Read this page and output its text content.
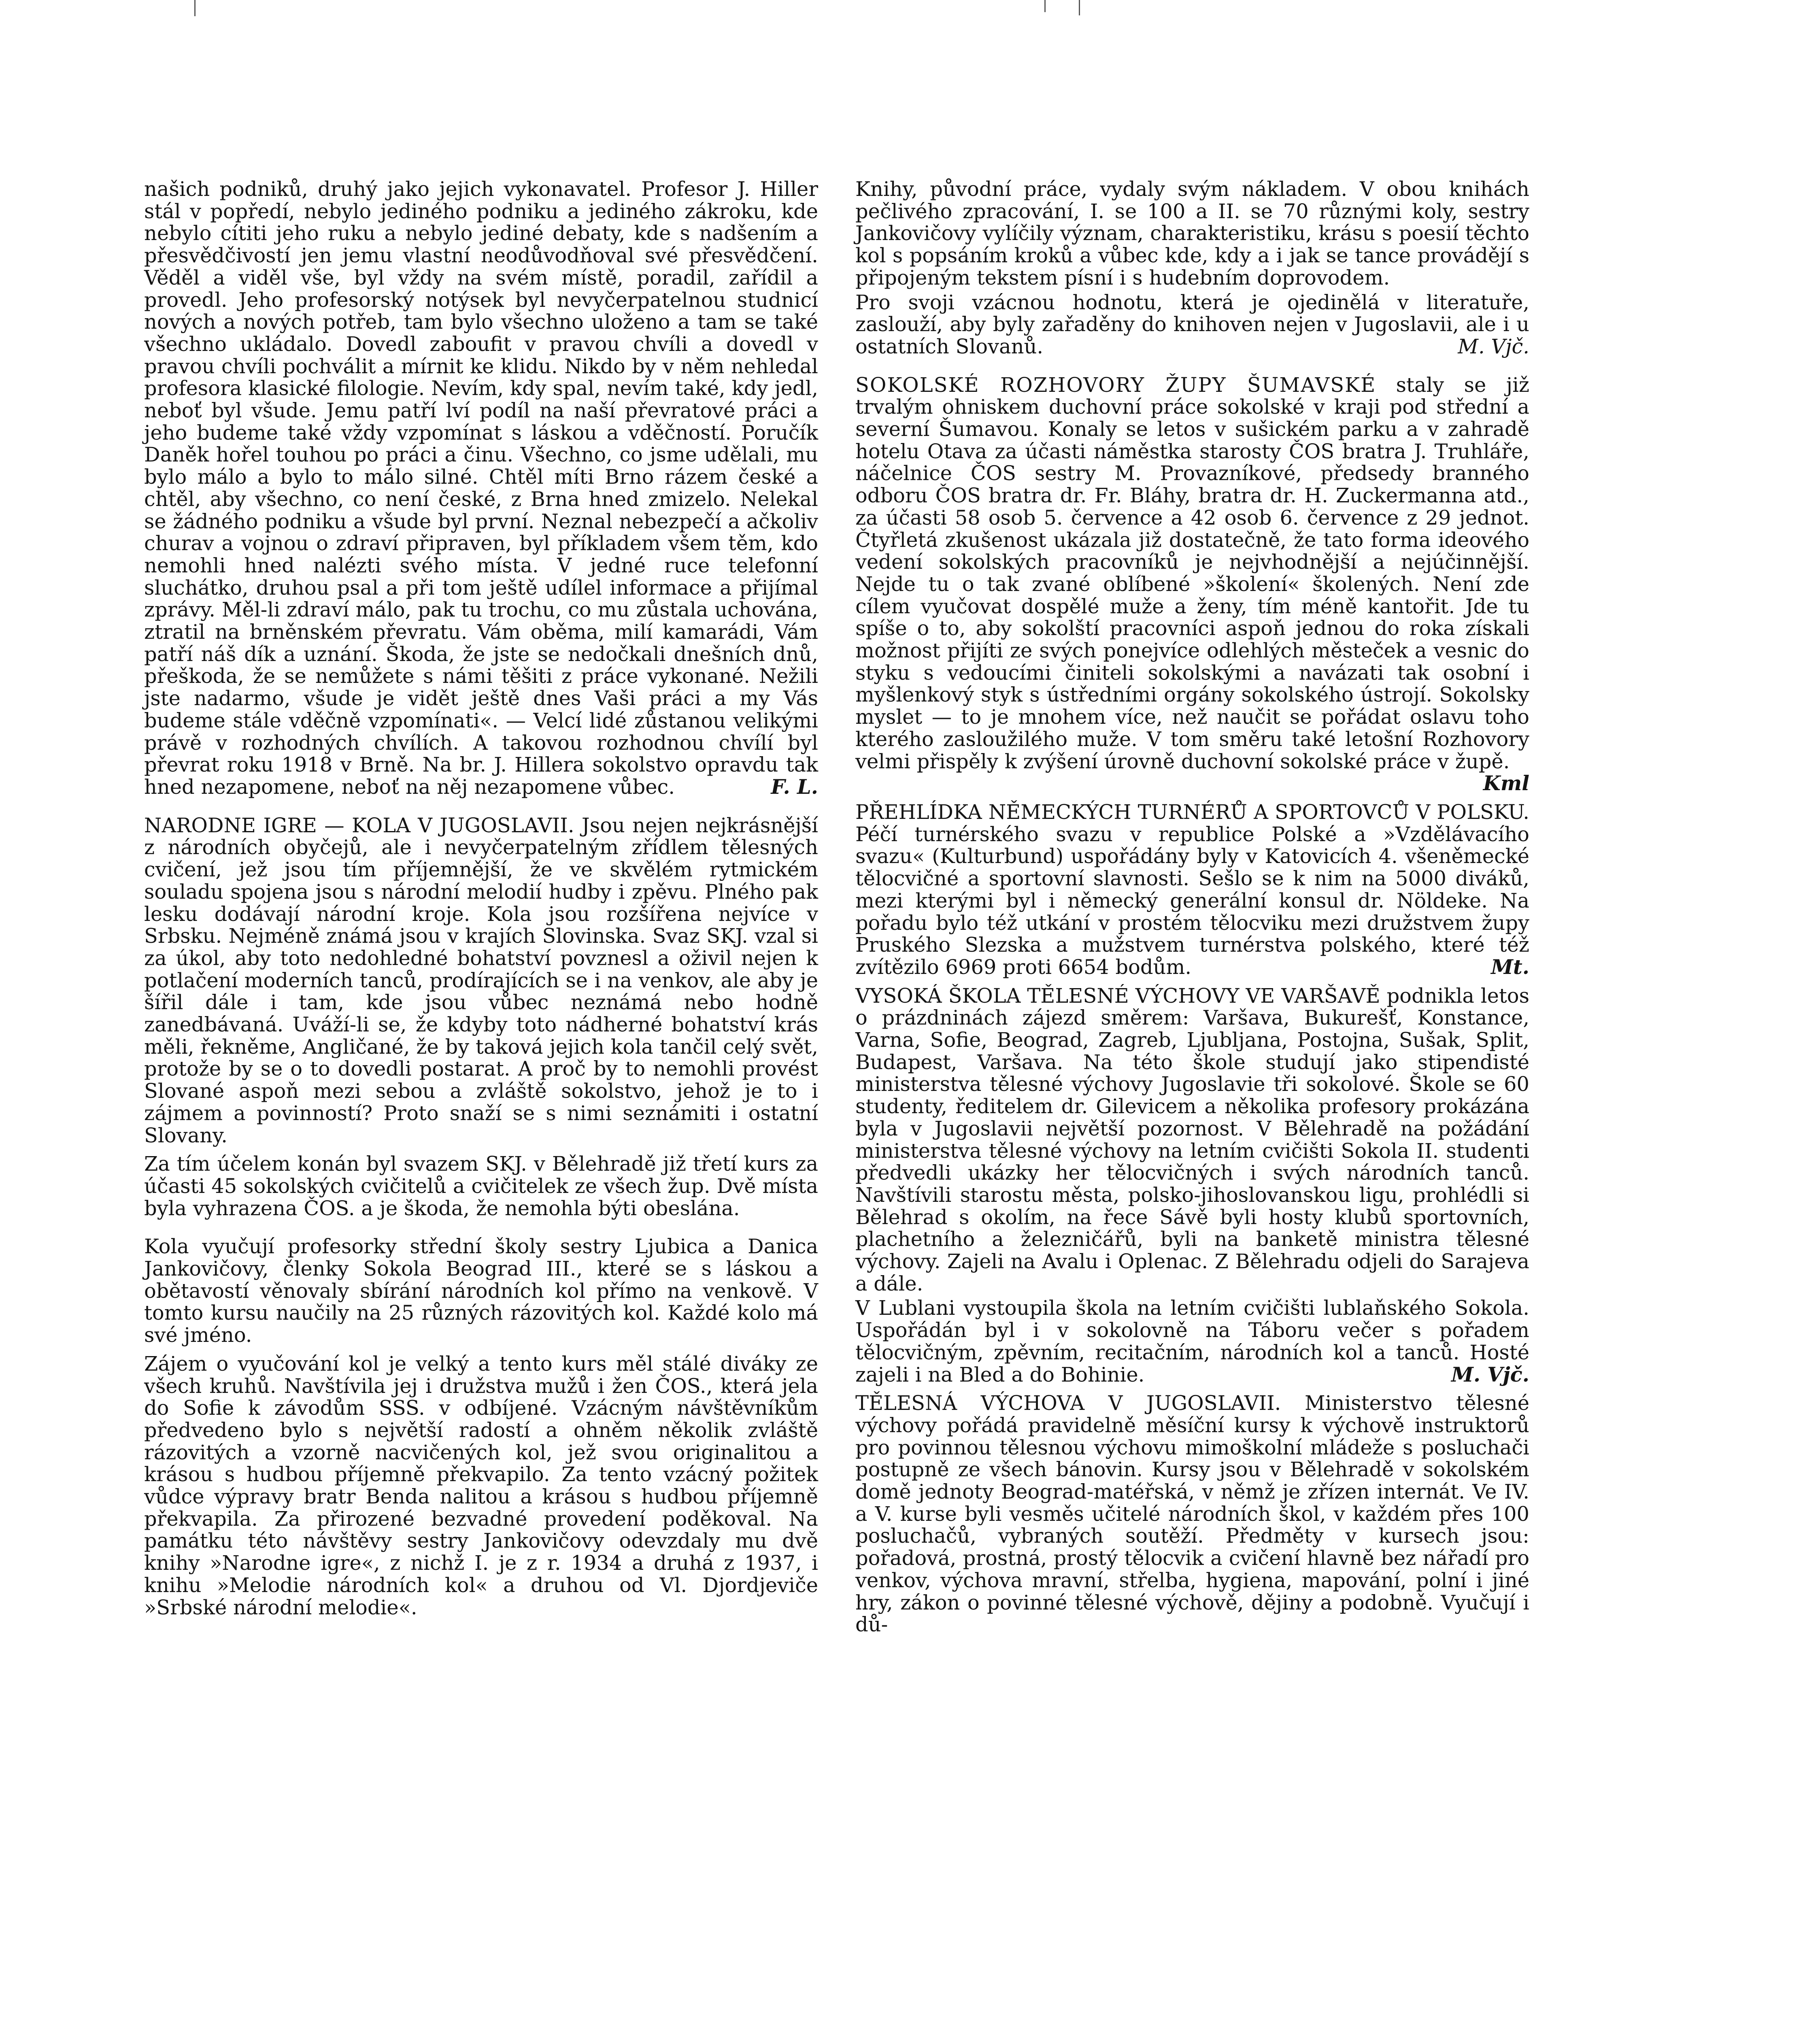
našich podniků, druhý jako jejich vykonavatel. Profesor J. Hiller stál v popředí, nebylo jediného podniku a jediného zákroku, kde nebylo cítiti jeho ruku a nebylo jediné debaty, kde s nadšením a přesvědčivostí jen jemu vlastní neodůvodňoval své přesvědčení. Věděl a viděl vše, byl vždy na svém místě, poradil, zařídil a provedl. Jeho profesorský notýsek byl nevyčerpatelnou studnicí nových a nových potřeb, tam bylo všechno uloženo a tam se také všechno ukládalo. Dovedl zaboufit v pravou chvíli a dovedl v pravou chvíli pochválit a mírnit ke klidu. Nikdo by v něm nehledal profesora klasické filologie. Nevím, kdy spal, nevím také, kdy jedl, neboť byl všude. Jemu patří lví podíl na naší převratové práci a jeho budeme také vždy vzpomínat s láskou a vděčností. Poručík Daněk hořel touhou po práci a činu. Všechno, co jsme udělali, mu bylo málo a bylo to málo silné. Chtěl míti Brno rázem české a chtěl, aby všechno, co není české, z Brna hned zmizelo. Nelekal se žádného podniku a všude byl první. Neznal nebezpečí a ačkoliv churav a vojnou o zdraví připraven, byl příkladem všem těm, kdo nemohli hned nalézti svého místa. V jedné ruce telefonní sluchátko, druhou psal a při tom ještě udílel informace a přijímal zprávy. Měl-li zdraví málo, pak tu trochu, co mu zůstala uchována, ztratil na brněnském převratu. Vám oběma, milí kamarádi, Vám patří náš dík a uznání. Škoda, že jste se nedočkali dnešních dnů, přeškoda, že se nemůžete s námi těšiti z práce vykonané. Nežili jste nadarmo, všude je vidět ještě dnes Vaši práci a my Vás budeme stále vděčně vzpomínati«. — Velcí lidé zůstanou velikými právě v rozhodných chvílích. A takovou rozhodnou chvílí byl převrat roku 1918 v Brně. Na br. J. Hillera sokolstvo opravdu tak hned nezapomene, neboť na něj nezapomene vůbec.	F. L.

NARODNE IGRE — KOLA V JUGOSLAVII. Jsou nejen nejkrásnější z národních obyčejů, ale i nevyčerpatelným zřídlem tělesných cvičení, jež jsou tím příjemnější, že ve skvělém rytmickém souladu spojena jsou s národní melodií hudby i zpěvu. Plného pak lesku dodávají národní kroje. Kola jsou rozšířena nejvíce v Srbsku. Nejméně známá jsou v krajích Slovinska. Svaz SKJ. vzal si za úkol, aby toto nedohledné bohatství povznesl a oživil nejen k potlačení moderních tanců, prodírajících se i na venkov, ale aby je šířil dále i tam, kde jsou vůbec neznámá nebo hodně zanedbávaná. Uváží-li se, že kdyby toto nádherné bohatství krás měli, řekněme, Angličané, že by taková jejich kola tančil celý svět, protože by se o to dovedli postarat. A proč by to nemohli provést Slované aspoň mezi sebou a zvláště sokolstvo, jehož je to i zájmem a povinností? Proto snaží se s nimi seznámiti i ostatní Slovany.

Za tím účelem konán byl svazem SKJ. v Bělehradě již třetí kurs za účasti 45 sokolských cvičitelů a cvičitelek ze všech žup. Dvě místa byla vyhrazena ČOS. a je škoda, že nemohla býti obeslána.

Kola vyučují profesorky střední školy sestry Ljubica a Danica Jankovičovy, členky Sokola Beograd III., které se s láskou a obětavostí věnovaly sbírání národních kol přímo na venkově. V tomto kursu naučily na 25 různých rázovitých kol. Každé kolo má své jméno.

Zájem o vyučování kol je velký a tento kurs měl stálé diváky ze všech kruhů. Navštívila jej i družstva mužů i žen ČOS., která jela do Sofie k závodům SSS. v odbíjené. Vzácným návštěvníkům předvedeno bylo s největší radostí a ohněm několik zvláště rázovitých a vzorně nacvičených kol, jež svou originalitou a krásou s hudbou příjemně překvapilo. Za tento vzácný požitek vůdce výpravy bratr Benda nalitou a krásou s hudbou příjemně překvapila. Za přirozené bezvadné provedení poděkoval. Na památku této návštěvy sestry Jankovičovy odevzdaly mu dvě knihy »Narodne igre«, z nichž I. je z r. 1934 a druhá z 1937, i knihu »Melodie národních kol« a druhou od Vl. Djordjeviče »Srbské národní melodie«.

Knihy, původní práce, vydaly svým nákladem. V obou knihách pečlivého zpracování, I. se 100 a II. se 70 různými koly, sestry Jankovičovy vylíčily význam, charakteristiku, krásu s poesií těchto kol s popsáním kroků a vůbec kde, kdy a i jak se tance provádějí s připojeným tekstem písní i s hudebním doprovodem.

Pro svoji vzácnou hodnotu, která je ojedinělá v literatuře, zaslouží, aby byly zařaděny do knihoven nejen v Jugoslavii, ale i u ostatních Slovanů.	M. Vjč.

SOKOLSKÉ ROZHOVORY ŽUPY ŠUMAVSKÉ staly se již trvalým ohniskem duchovní práce sokolské v kraji pod střední a severní Šumavou. Konaly se letos v sušickém parku a v zahradě hotelu Otava za účasti náměstka starosty ČOS bratra J. Truhláře, náčelnice ČOS sestry M. Provazníkové, předsedy branného odboru ČOS bratra dr. Fr. Bláhy, bratra dr. H. Zuckermanna atd., za účasti 58 osob 5. července a 42 osob 6. července z 29 jednot. Čtyřletá zkušenost ukázala již dostatečně, že tato forma ideového vedení sokolských pracovníků je nejvhodnější a nejúčinnější. Nejde tu o tak zvané oblíbené »školení« školených. Není zde cílem vyučovat dospělé muže a ženy, tím méně kantořit. Jde tu spíše o to, aby sokolští pracovníci aspoň jednou do roka získali možnost přijíti ze svých ponejvíce odlehlých městeček a vesnic do styku s vedoucími činiteli sokolskými a navázati tak osobní i myšlenkový styk s ústředními orgány sokolského ústrojí. Sokolsky myslet — to je mnohem více, než naučit se pořádat oslavu toho kterého zasloužilého muže. V tom směru také letošní Rozhovory velmi přispěly k zvýšení úrovně duchovní sokolské práce v župě.
Kml

PŘEHLÍDKA NĚMECKÝCH TURNÉRŮ A SPORTOVCŮ V POLSKU. Péčí turnérského svazu v republice Polské a »Vzdělávacího svazu« (Kulturbund) uspořádány byly v Katovicích 4. všeněmecké tělocvičné a sportovní slavnosti. Sešlo se k nim na 5000 diváků, mezi kterými byl i německý generální konsul dr. Nöldeke. Na pořadu bylo též utkání v prostém tělocviku mezi družstvem župy Pruského Slezska a mužstvem turnérstva polského, které též zvítězilo 6969 proti 6654 bodům.	Mt.

VYSOKÁ ŠKOLA TĚLESNÉ VÝCHOVY VE VARŠAVĚ podnikla letos o prázdninách zájezd směrem: Varšava, Bukurešť, Konstance, Varna, Sofie, Beograd, Zagreb, Ljubljana, Postojna, Sušak, Split, Budapest, Varšava. Na této škole studují jako stipendisté ministerstva tělesné výchovy Jugoslavie tři sokolové. Škole se 60 studenty, ředitelem dr. Gilevicem a několika profesory prokázána byla v Jugoslavii největší pozornost. V Bělehradě na požádání ministerstva tělesné výchovy na letním cvičišti Sokola II. studenti předvedli ukázky her tělocvičných i svých národních tanců. Navštívili starostu města, polsko-jihoslovanskou ligu, prohlédli si Bělehrad s okolím, na řece Sávě byli hosty klubů sportovních, plachetního a železničářů, byli na banketě ministra tělesné výchovy. Zajeli na Avalu i Oplenac. Z Bělehradu odjeli do Sarajeva a dále.

V Lublani vystoupila škola na letním cvičišti lublaňského Sokola. Uspořádán byl i v sokolovně na Táboru večer s pořadem tělocvičným, zpěvním, recitačním, národních kol a tanců. Hosté zajeli i na Bled a do Bohinie.	M. Vjč.

TĚLESNÁ VÝCHOVA V JUGOSLAVII. Ministerstvo tělesné výchovy pořádá pravidelně měsíční kursy k výchově instruktorů pro povinnou tělesnou výchovu mimoškolní mládeže s posluchači postupně ze všech bánovin. Kursy jsou v Bělehradě v sokolském domě jednoty Beograd-matéřská, v němž je zřízen internát. Ve IV. a V. kurse byli vesměs učitelé národních škol, v každém přes 100 posluchačů, vybraných soutěží. Předměty v kursech jsou: pořadová, prostná, prostý tělocvik a cvičení hlavně bez nářadí pro venkov, výchova mravní, střelba, hygiena, mapování, polní i jiné hry, zákon o povinné tělesné výchově, dějiny a podobně. Vyučují i dů-
